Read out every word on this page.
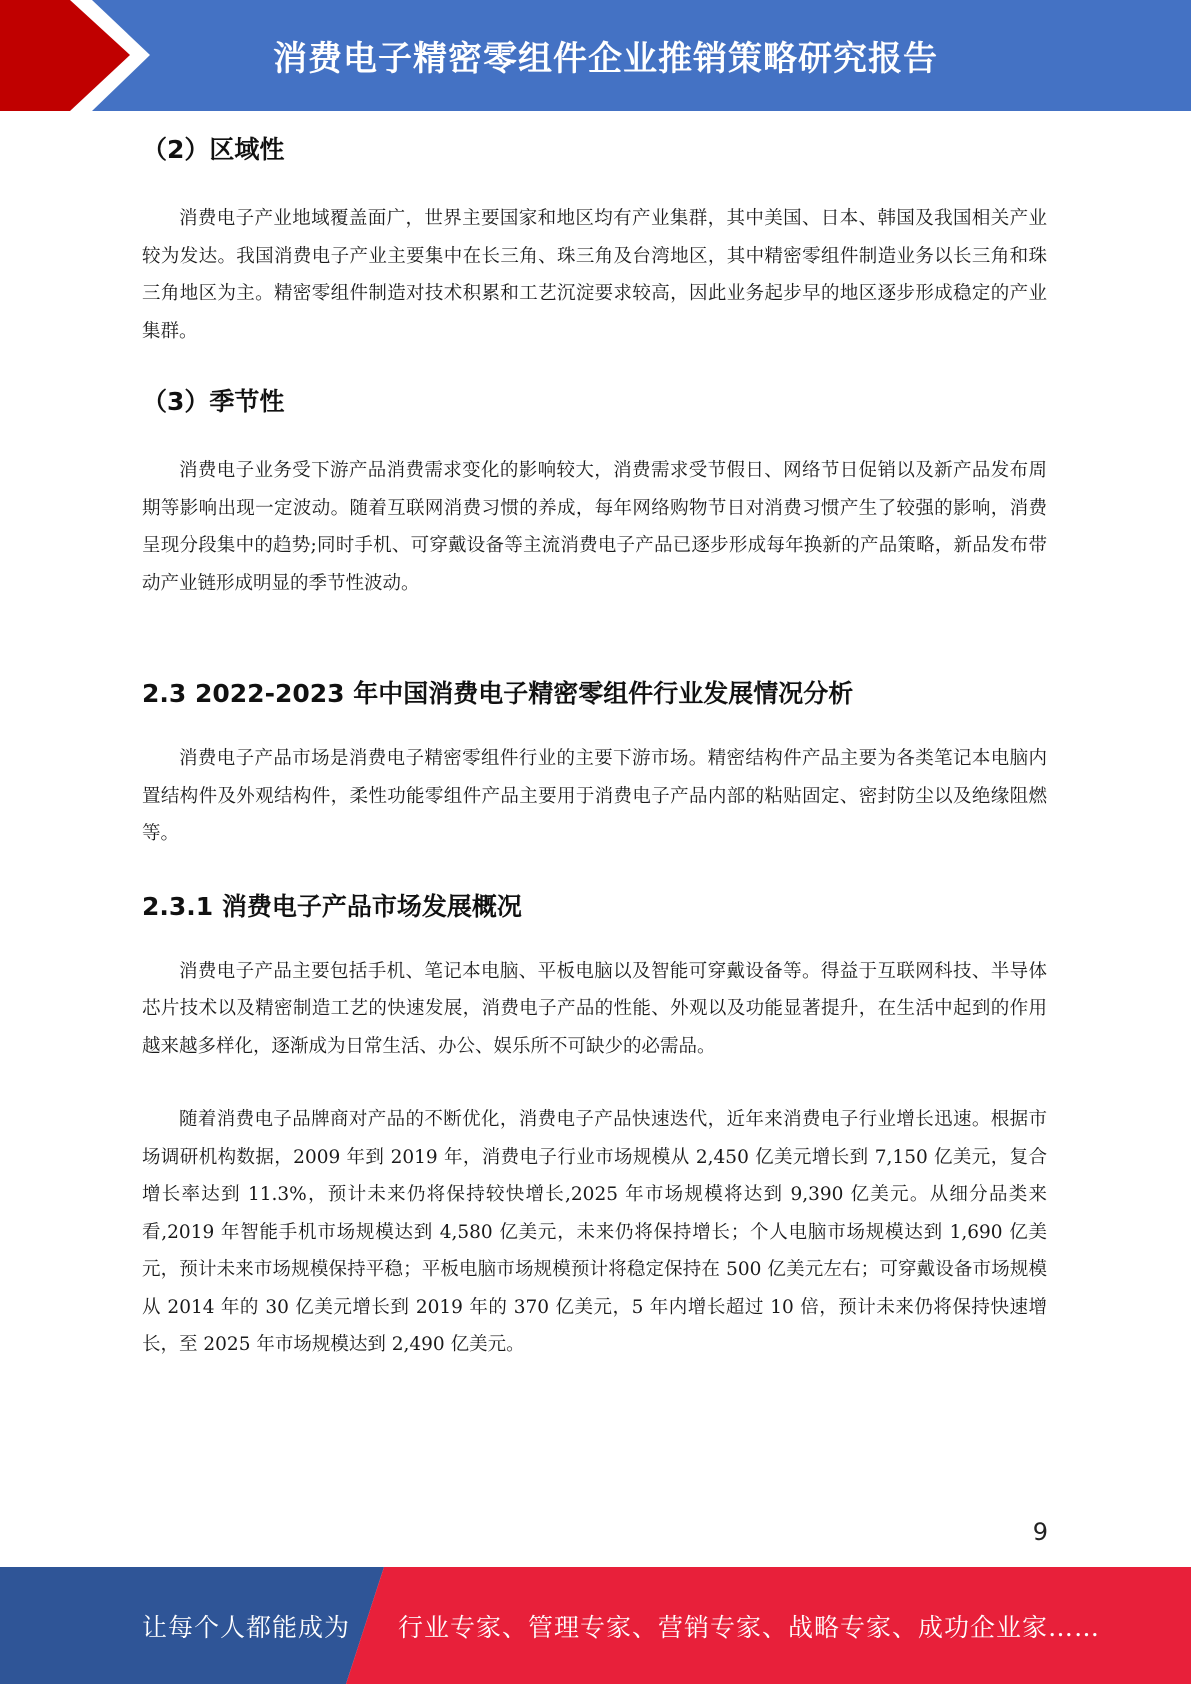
消费电子精密零组件企业推销策略研究报告
（2）区域性

消费电子产业地域覆盖面广，世界主要国家和地区均有产业集群，其中美国、日本、韩国及我国相关产业较为发达。我国消费电子产业主要集中在长三角、珠三角及台湾地区，其中精密零组件制造业务以长三角和珠三角地区为主。精密零组件制造对技术积累和工艺沉淀要求较高，因此业务起步早的地区逐步形成稳定的产业集群。

（3）季节性

消费电子业务受下游产品消费需求变化的影响较大，消费需求受节假日、网络节日促销以及新产品发布周期等影响出现一定波动。随着互联网消费习惯的养成，每年网络购物节日对消费习惯产生了较强的影响，消费呈现分段集中的趋势;同时手机、可穿戴设备等主流消费电子产品已逐步形成每年换新的产品策略，新品发布带动产业链形成明显的季节性波动。

2.3 2022-2023 年中国消费电子精密零组件行业发展情况分析

消费电子产品市场是消费电子精密零组件行业的主要下游市场。精密结构件产品主要为各类笔记本电脑内置结构件及外观结构件，柔性功能零组件产品主要用于消费电子产品内部的粘贴固定、密封防尘以及绝缘阻燃等。

2.3.1 消费电子产品市场发展概况

消费电子产品主要包括手机、笔记本电脑、平板电脑以及智能可穿戴设备等。得益于互联网科技、半导体芯片技术以及精密制造工艺的快速发展，消费电子产品的性能、外观以及功能显著提升，在生活中起到的作用越来越多样化，逐渐成为日常生活、办公、娱乐所不可缺少的必需品。

随着消费电子品牌商对产品的不断优化，消费电子产品快速迭代，近年来消费电子行业增长迅速。根据市场调研机构数据，2009 年到 2019 年，消费电子行业市场规模从 2,450 亿美元增长到 7,150 亿美元，复合增长率达到 11.3%，预计未来仍将保持较快增长,2025 年市场规模将达到 9,390 亿美元。从细分品类来看,2019 年智能手机市场规模达到 4,580 亿美元，未来仍将保持增长；个人电脑市场规模达到 1,690 亿美元，预计未来市场规模保持平稳；平板电脑市场规模预计将稳定保持在 500 亿美元左右；可穿戴设备市场规模从 2014 年的 30 亿美元增长到 2019 年的 370 亿美元，5 年内增长超过 10 倍，预计未来仍将保持快速增长，至 2025 年市场规模达到 2,490 亿美元。

9
让每个人都能成为 行业专家、管理专家、营销专家、战略专家、成功企业家……
